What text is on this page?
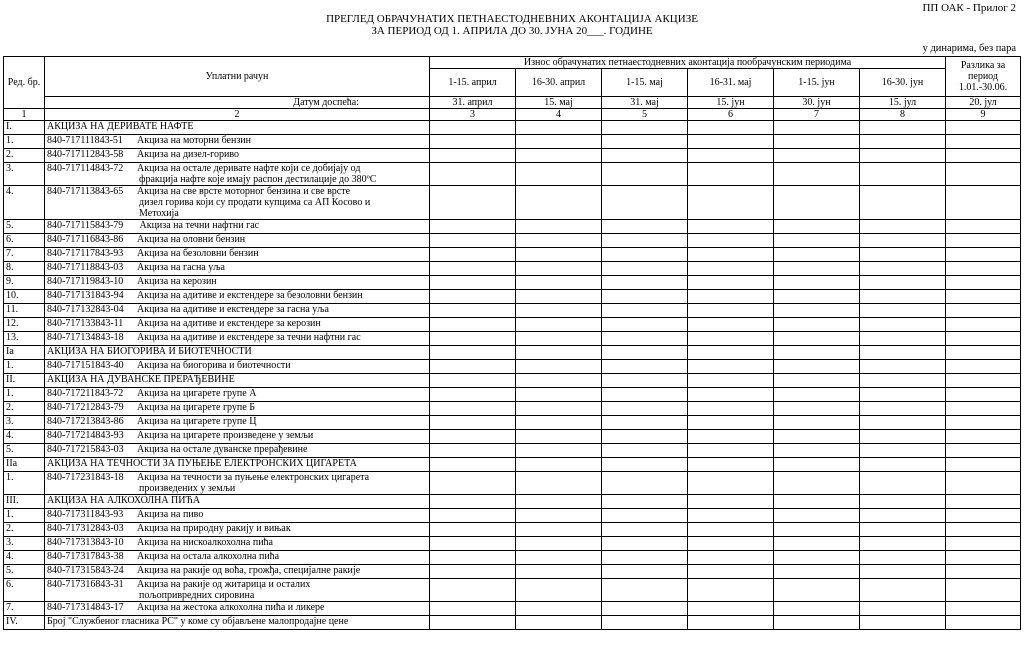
ПП ОАК - Прилог 2
ПРЕГЛЕД ОБРАЧУНАТИХ ПЕТНАЕСТОДНЕВНИХ АКОНТАЦИЈА АКЦИЗЕ
ЗА ПЕРИОД ОД 1. АПРИЛА ДО 30. ЈУНА 20___. ГОДИНЕ
у динарима, без пара
Ред. бр.	Уплатни рачун	Износ обрачунатих петнаестодневних аконтација пообрачунским периодима						Разлика за период 1.01.-30.06.
		1-15. април	16-30. април	1-15. мај	16-31. мај	1-15. јун	16-30. јун	
	Датум доспећа:	31. април	15. мај	31. мај	15. јун	30. јун	15. јул	20. јул
1	2	3	4	5	6	7	8	9
I.	АКЦИЗА НА ДЕРИВАТЕ НАФТЕ							

1.	840-717111843-51 Акциза на моторни бензин							

2.	840-717112843-58 Акциза на дизел-гориво							

3.	840-717114843-72 Акциза на остале деривате нафте који се добијају од
фракција нафте које имају распон дестилације до 380ºС							

4.	840-717113843-65 Акциза на све врсте моторног бензина и све врсте
дизел горива који су продати купцима са АП Косово и
Метохија							

5.	840-717115843-79 Акциза на течни нафтни гас							

6.	840-717116843-86 Акциза на оловни бензин							

7.	840-717117843-93 Акциза на безоловни бензин							

8.	840-717118843-03 Акциза на гасна уља							

9.	840-717119843-10 Акциза на керозин							

10.	840-717131843-94 Акциза на адитиве и екстендере за безоловни бензин							

11.	840-717132843-04 Акциза на адитиве и екстендере за гасна уља							

12.	840-717133843-11 Акциза на адитиве и екстендере за керозин							

13.	840-717134843-18 Акциза на адитиве и екстендере за течни нафтни гас							

Iа	АКЦИЗА НА БИОГОРИВА И БИОТЕЧНОСТИ							

1.	840-717151843-40 Акциза на биогорива и биотечности							

II.	АКЦИЗА НА ДУВАНСКЕ ПРЕРАЂЕВИНЕ							

1.	840-717211843-72 Акциза на цигарете групе А							

2.	840-717212843-79 Акциза на цигарете групе Б							

3.	840-717213843-86 Акциза на цигарете групе Ц							

4.	840-717214843-93 Акциза на цигарете произведене у земљи							

5.	840-717215843-03 Акциза на остале дуванске прерађевине							

IIа	АКЦИЗА НА ТЕЧНОСТИ ЗА ПУЊЕЊЕ ЕЛЕКТРОНСКИХ ЦИГАРЕТА							

1.	840-717231843-18 Акциза на течности за пуњење електронских цигарета
произведених у земљи							

III.	АКЦИЗА НА АЛКОХОЛНА ПИЋА							

1.	840-717311843-93 Акциза на пиво							

2.	840-717312843-03 Акциза на природну ракију и вињак							

3.	840-717313843-10 Акциза на нискоалкохолна пића							

4.	840-717317843-38 Акциза на остала алкохолна пића							

5.	840-717315843-24 Акциза на ракије од воћа, грожђа, специјалне ракије							

6.	840-717316843-31 Акциза на ракије од житарица и осталих
пољопривредних сировина							

7.	840-717314843-17 Акциза на жестока алкохолна пића и ликере							

IV.	Број "Службеног гласника РС" у коме су објављене малопродајне цене							
